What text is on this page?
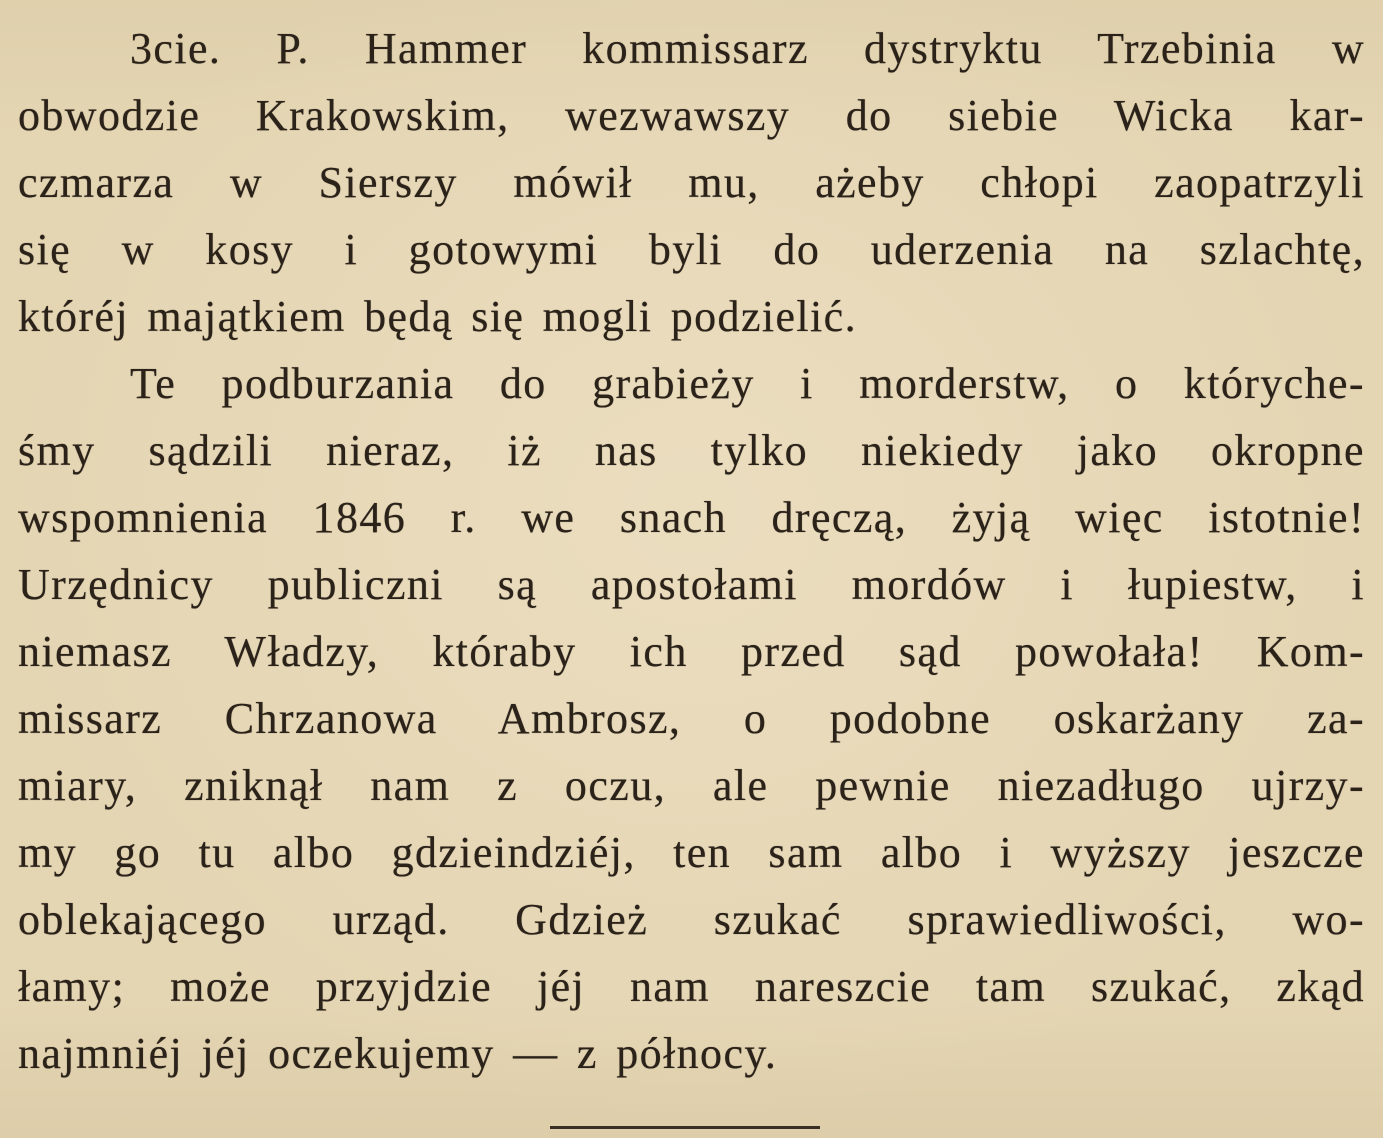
3cie. P. Hammer kommissarz dystryktu Trzebinia w
obwodzie Krakowskim, wezwawszy do siebie Wicka kar-
czmarza w Sierszy mówił mu, ażeby chłopi zaopatrzyli
się w kosy i gotowymi byli do uderzenia na szlachtę,
któréj majątkiem będą się mogli podzielić.
Te podburzania do grabieży i morderstw, o którychе-
śmy sądzili nieraz, iż nas tylko niekiedy jako okropne
wspomnienia 1846 r. we snach dręczą, żyją więc istotnie!
Urzędnicy publiczni są apostołami mordów i łupiestw, i
niemasz Władzy, któraby ich przed sąd powołała! Kom-
missarz Chrzanowa Ambrosz, o podobne oskarżany za-
miary, zniknął nam z oczu, ale pewnie niezadługo ujrzy-
my go tu albo gdzieindziéj, ten sam albo i wyższy jeszcze
oblekającego urząd. Gdzież szukać sprawiedliwości, wo-
łamy; może przyjdzie jéj nam nareszcie tam szukać, zkąd
najmniéj jéj oczekujemy — z północy.
